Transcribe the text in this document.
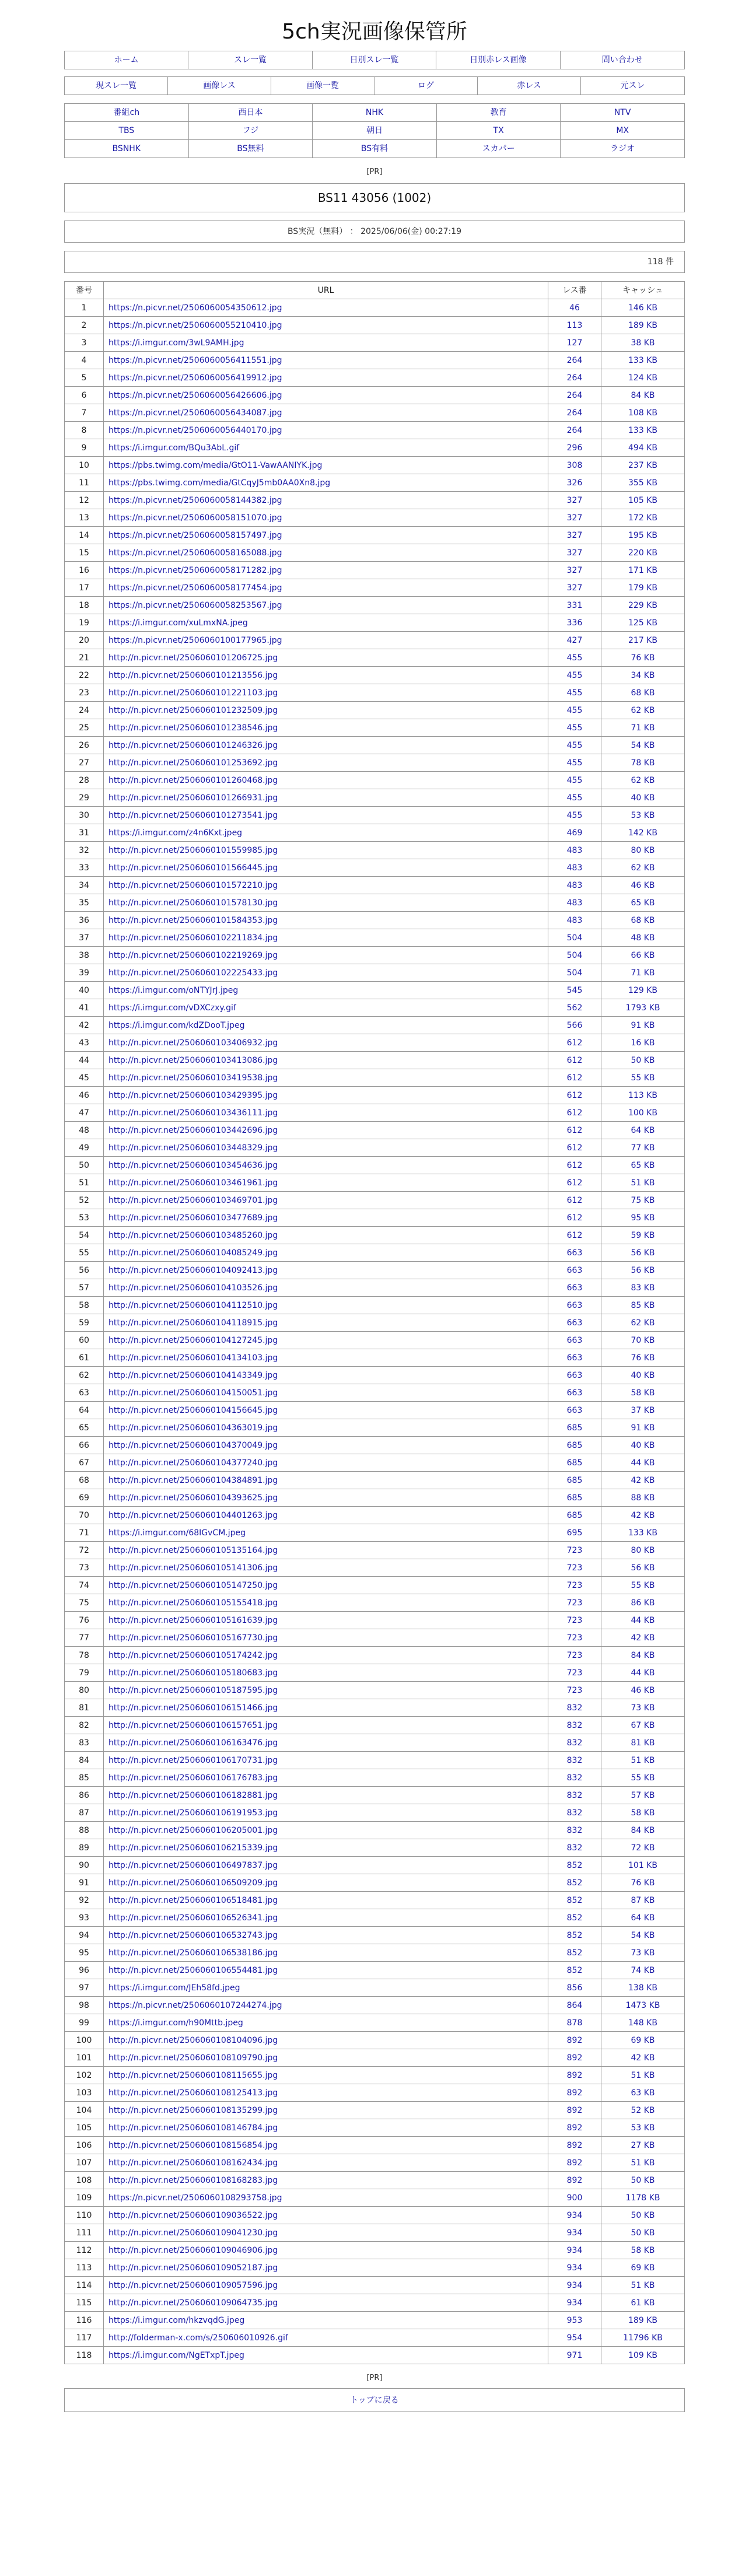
5ch実況画像保管所
ホーム	スレ一覧	日別スレ一覧	日別赤レス画像	問い合わせ
現スレ一覧	画像レス	画像一覧	ログ	赤レス	元スレ
番組ch	西日本	NHK	教育	NTV
TBS	フジ	朝日	TX	MX
BSNHK	BS無料	BS有料	スカパー	ラジオ
[PR]
BS11 43056 (1002)
BS実況（無料） ： 2025/06/06(金) 00:27:19
118 件
番号	URL	レス番	キャッシュ
1	https://n.picvr.net/2506060054350612.jpg	46	146 KB
2	https://n.picvr.net/2506060055210410.jpg	113	189 KB
3	https://i.imgur.com/3wL9AMH.jpg	127	38 KB
4	https://n.picvr.net/2506060056411551.jpg	264	133 KB
5	https://n.picvr.net/2506060056419912.jpg	264	124 KB
6	https://n.picvr.net/2506060056426606.jpg	264	84 KB
7	https://n.picvr.net/2506060056434087.jpg	264	108 KB
8	https://n.picvr.net/2506060056440170.jpg	264	133 KB
9	https://i.imgur.com/BQu3AbL.gif	296	494 KB
10	https://pbs.twimg.com/media/GtO11-VawAANIYK.jpg	308	237 KB
11	https://pbs.twimg.com/media/GtCqyJ5mb0AA0Xn8.jpg	326	355 KB
12	https://n.picvr.net/2506060058144382.jpg	327	105 KB
13	https://n.picvr.net/2506060058151070.jpg	327	172 KB
14	https://n.picvr.net/2506060058157497.jpg	327	195 KB
15	https://n.picvr.net/2506060058165088.jpg	327	220 KB
16	https://n.picvr.net/2506060058171282.jpg	327	171 KB
17	https://n.picvr.net/2506060058177454.jpg	327	179 KB
18	https://n.picvr.net/2506060058253567.jpg	331	229 KB
19	https://i.imgur.com/xuLmxNA.jpeg	336	125 KB
20	https://n.picvr.net/2506060100177965.jpg	427	217 KB
21	http://n.picvr.net/2506060101206725.jpg	455	76 KB
22	http://n.picvr.net/2506060101213556.jpg	455	34 KB
23	http://n.picvr.net/2506060101221103.jpg	455	68 KB
24	http://n.picvr.net/2506060101232509.jpg	455	62 KB
25	http://n.picvr.net/2506060101238546.jpg	455	71 KB
26	http://n.picvr.net/2506060101246326.jpg	455	54 KB
27	http://n.picvr.net/2506060101253692.jpg	455	78 KB
28	http://n.picvr.net/2506060101260468.jpg	455	62 KB
29	http://n.picvr.net/2506060101266931.jpg	455	40 KB
30	http://n.picvr.net/2506060101273541.jpg	455	53 KB
31	https://i.imgur.com/z4n6Kxt.jpeg	469	142 KB
32	http://n.picvr.net/2506060101559985.jpg	483	80 KB
33	http://n.picvr.net/2506060101566445.jpg	483	62 KB
34	http://n.picvr.net/2506060101572210.jpg	483	46 KB
35	http://n.picvr.net/2506060101578130.jpg	483	65 KB
36	http://n.picvr.net/2506060101584353.jpg	483	68 KB
37	http://n.picvr.net/2506060102211834.jpg	504	48 KB
38	http://n.picvr.net/2506060102219269.jpg	504	66 KB
39	http://n.picvr.net/2506060102225433.jpg	504	71 KB
40	https://i.imgur.com/oNTYJrJ.jpeg	545	129 KB
41	https://i.imgur.com/vDXCzxy.gif	562	1793 KB
42	https://i.imgur.com/kdZDooT.jpeg	566	91 KB
43	http://n.picvr.net/2506060103406932.jpg	612	16 KB
44	http://n.picvr.net/2506060103413086.jpg	612	50 KB
45	http://n.picvr.net/2506060103419538.jpg	612	55 KB
46	http://n.picvr.net/2506060103429395.jpg	612	113 KB
47	http://n.picvr.net/2506060103436111.jpg	612	100 KB
48	http://n.picvr.net/2506060103442696.jpg	612	64 KB
49	http://n.picvr.net/2506060103448329.jpg	612	77 KB
50	http://n.picvr.net/2506060103454636.jpg	612	65 KB
51	http://n.picvr.net/2506060103461961.jpg	612	51 KB
52	http://n.picvr.net/2506060103469701.jpg	612	75 KB
53	http://n.picvr.net/2506060103477689.jpg	612	95 KB
54	http://n.picvr.net/2506060103485260.jpg	612	59 KB
55	http://n.picvr.net/2506060104085249.jpg	663	56 KB
56	http://n.picvr.net/2506060104092413.jpg	663	56 KB
57	http://n.picvr.net/2506060104103526.jpg	663	83 KB
58	http://n.picvr.net/2506060104112510.jpg	663	85 KB
59	http://n.picvr.net/2506060104118915.jpg	663	62 KB
60	http://n.picvr.net/2506060104127245.jpg	663	70 KB
61	http://n.picvr.net/2506060104134103.jpg	663	76 KB
62	http://n.picvr.net/2506060104143349.jpg	663	40 KB
63	http://n.picvr.net/2506060104150051.jpg	663	58 KB
64	http://n.picvr.net/2506060104156645.jpg	663	37 KB
65	http://n.picvr.net/2506060104363019.jpg	685	91 KB
66	http://n.picvr.net/2506060104370049.jpg	685	40 KB
67	http://n.picvr.net/2506060104377240.jpg	685	44 KB
68	http://n.picvr.net/2506060104384891.jpg	685	42 KB
69	http://n.picvr.net/2506060104393625.jpg	685	88 KB
70	http://n.picvr.net/2506060104401263.jpg	685	42 KB
71	https://i.imgur.com/68IGvCM.jpeg	695	133 KB
72	http://n.picvr.net/2506060105135164.jpg	723	80 KB
73	http://n.picvr.net/2506060105141306.jpg	723	56 KB
74	http://n.picvr.net/2506060105147250.jpg	723	55 KB
75	http://n.picvr.net/2506060105155418.jpg	723	86 KB
76	http://n.picvr.net/2506060105161639.jpg	723	44 KB
77	http://n.picvr.net/2506060105167730.jpg	723	42 KB
78	http://n.picvr.net/2506060105174242.jpg	723	84 KB
79	http://n.picvr.net/2506060105180683.jpg	723	44 KB
80	http://n.picvr.net/2506060105187595.jpg	723	46 KB
81	http://n.picvr.net/2506060106151466.jpg	832	73 KB
82	http://n.picvr.net/2506060106157651.jpg	832	67 KB
83	http://n.picvr.net/2506060106163476.jpg	832	81 KB
84	http://n.picvr.net/2506060106170731.jpg	832	51 KB
85	http://n.picvr.net/2506060106176783.jpg	832	55 KB
86	http://n.picvr.net/2506060106182881.jpg	832	57 KB
87	http://n.picvr.net/2506060106191953.jpg	832	58 KB
88	http://n.picvr.net/2506060106205001.jpg	832	84 KB
89	http://n.picvr.net/2506060106215339.jpg	832	72 KB
90	http://n.picvr.net/2506060106497837.jpg	852	101 KB
91	http://n.picvr.net/2506060106509209.jpg	852	76 KB
92	http://n.picvr.net/2506060106518481.jpg	852	87 KB
93	http://n.picvr.net/2506060106526341.jpg	852	64 KB
94	http://n.picvr.net/2506060106532743.jpg	852	54 KB
95	http://n.picvr.net/2506060106538186.jpg	852	73 KB
96	http://n.picvr.net/2506060106554481.jpg	852	74 KB
97	https://i.imgur.com/JEh58fd.jpeg	856	138 KB
98	https://n.picvr.net/2506060107244274.jpg	864	1473 KB
99	https://i.imgur.com/h90Mttb.jpeg	878	148 KB
100	http://n.picvr.net/2506060108104096.jpg	892	69 KB
101	http://n.picvr.net/2506060108109790.jpg	892	42 KB
102	http://n.picvr.net/2506060108115655.jpg	892	51 KB
103	http://n.picvr.net/2506060108125413.jpg	892	63 KB
104	http://n.picvr.net/2506060108135299.jpg	892	52 KB
105	http://n.picvr.net/2506060108146784.jpg	892	53 KB
106	http://n.picvr.net/2506060108156854.jpg	892	27 KB
107	http://n.picvr.net/2506060108162434.jpg	892	51 KB
108	http://n.picvr.net/2506060108168283.jpg	892	50 KB
109	https://n.picvr.net/2506060108293758.jpg	900	1178 KB
110	http://n.picvr.net/2506060109036522.jpg	934	50 KB
111	http://n.picvr.net/2506060109041230.jpg	934	50 KB
112	http://n.picvr.net/2506060109046906.jpg	934	58 KB
113	http://n.picvr.net/2506060109052187.jpg	934	69 KB
114	http://n.picvr.net/2506060109057596.jpg	934	51 KB
115	http://n.picvr.net/2506060109064735.jpg	934	61 KB
116	https://i.imgur.com/hkzvqdG.jpeg	953	189 KB
117	http://folderman-x.com/s/250606010926.gif	954	11796 KB
118	https://i.imgur.com/NgETxpT.jpeg	971	109 KB
[PR]
トップに戻る
